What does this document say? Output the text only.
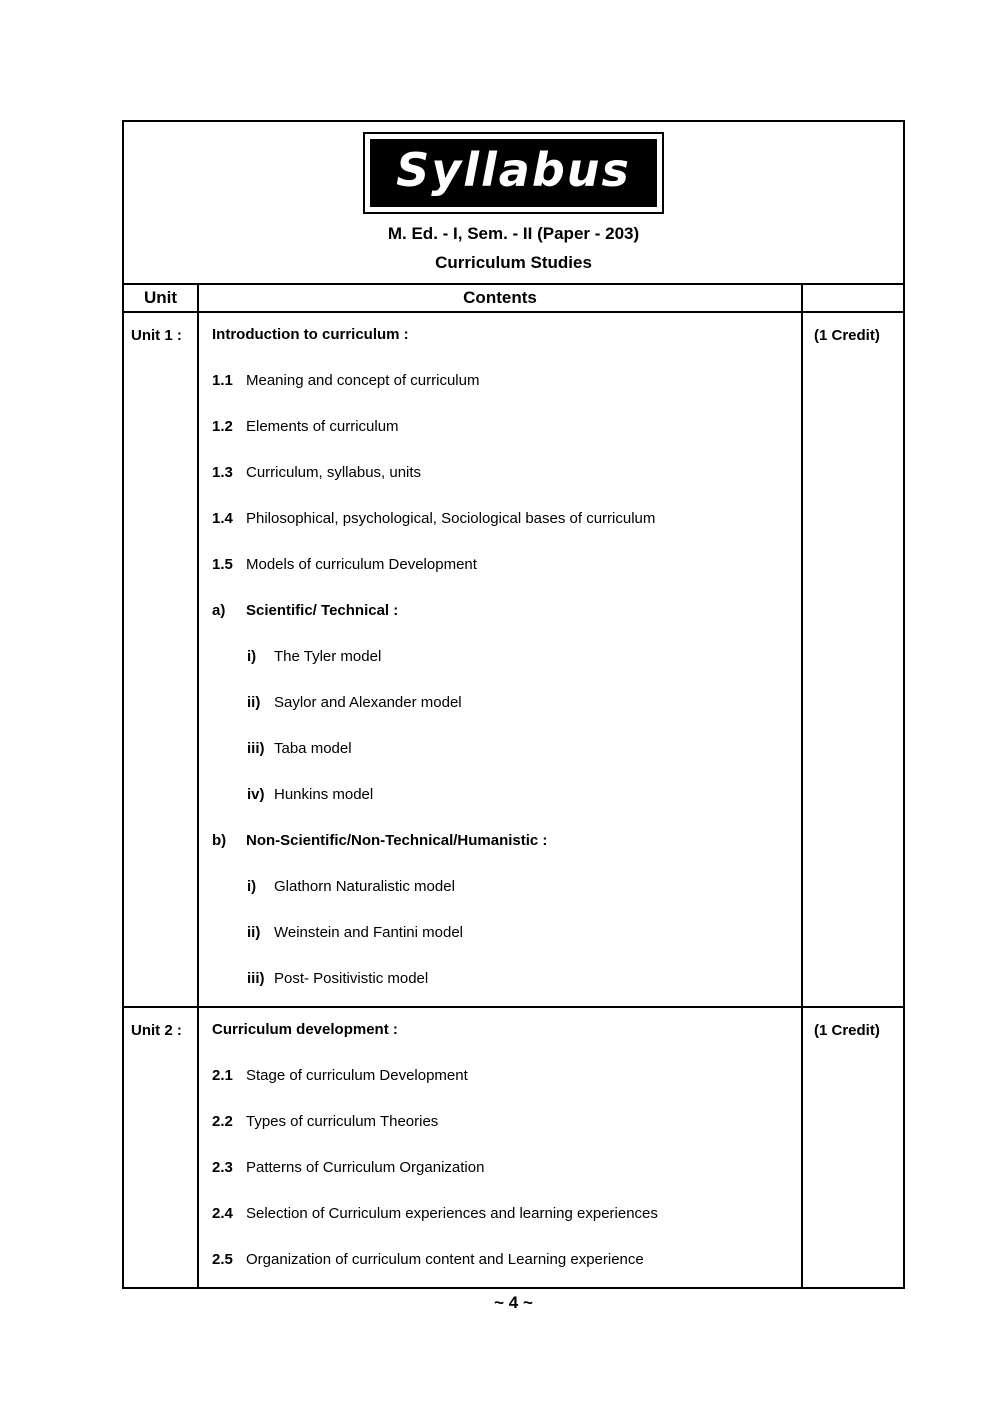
Syllabus
M. Ed. - I, Sem. - II (Paper - 203)
Curriculum Studies
Unit	Contents
Unit 1 :	Introduction to curriculum :
1.1 Meaning and concept of curriculum
1.2 Elements of curriculum
1.3 Curriculum, syllabus, units
1.4 Philosophical, psychological, Sociological bases of curriculum
1.5 Models of curriculum Development
a)	Scientific/ Technical :
i)	The Tyler model
ii) Saylor and Alexander model
iii) Taba model
iv) Hunkins model
b)	Non-Scientific/Non-Technical/Humanistic :
i)	Glathorn Naturalistic model
ii) Weinstein and Fantini model
iii) Post- Positivistic model
(1 Credit)
Unit 2 :	Curriculum development :
2.1 Stage of curriculum Development
2.2 Types of curriculum Theories
2.3 Patterns of Curriculum Organization
2.4 Selection of Curriculum experiences and learning experiences
2.5 Organization of curriculum content and Learning experience
(1 Credit)
~ 4 ~
